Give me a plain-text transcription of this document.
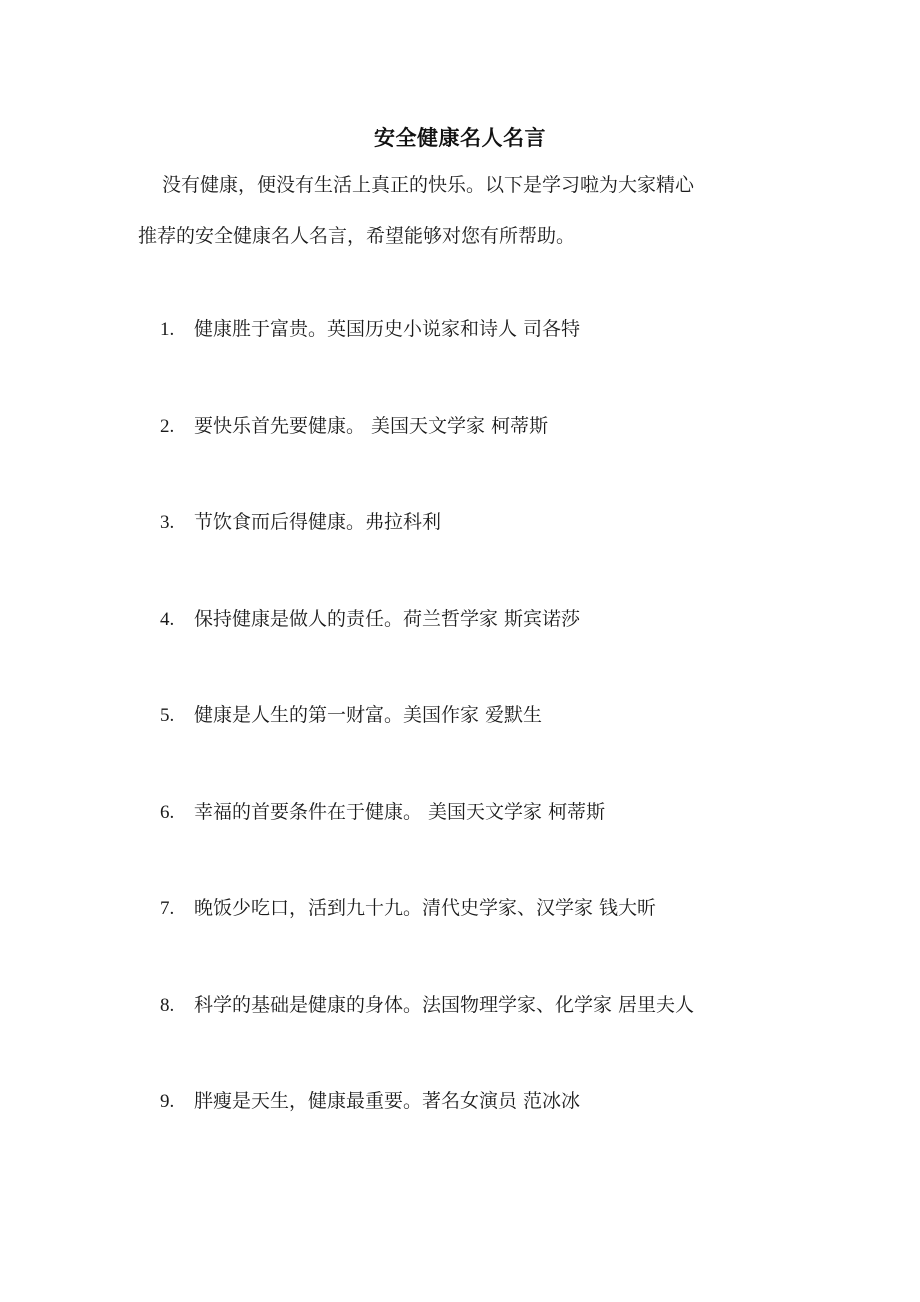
安全健康名人名言
没有健康，便没有生活上真正的快乐。以下是学习啦为大家精心
推荐的安全健康名人名言，希望能够对您有所帮助。
1.	健康胜于富贵。英国历史小说家和诗人 司各特
2.	要快乐首先要健康。 美国天文学家 柯蒂斯
3.	节饮食而后得健康。弗拉科利
4.	保持健康是做人的责任。荷兰哲学家 斯宾诺莎
5.	健康是人生的第一财富。美国作家 爱默生
6.	幸福的首要条件在于健康。 美国天文学家 柯蒂斯
7.	晚饭少吃口，活到九十九。清代史学家、汉学家 钱大昕
8.	科学的基础是健康的身体。法国物理学家、化学家 居里夫人
9.	胖瘦是天生，健康最重要。著名女演员 范冰冰
